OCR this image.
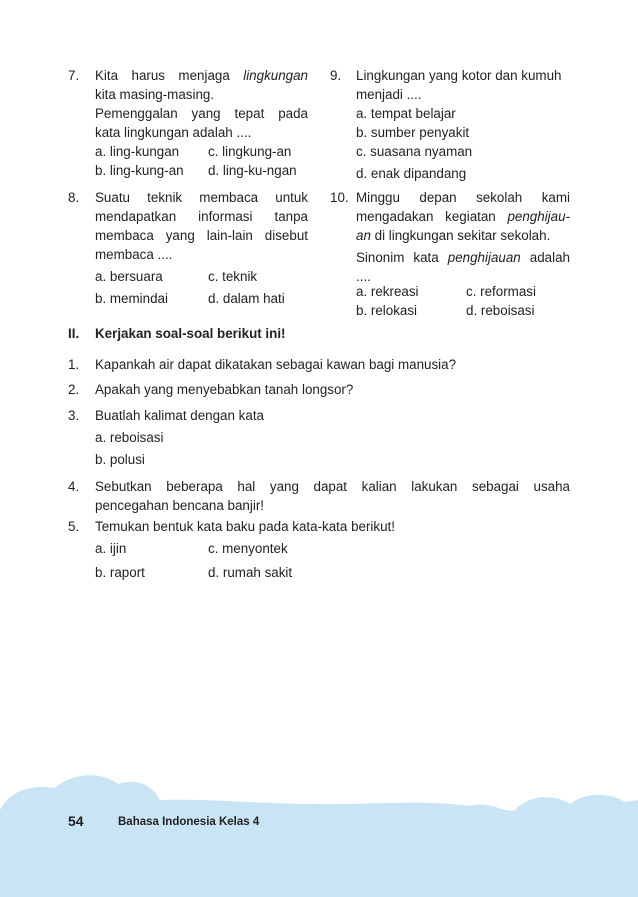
7. Kita harus menjaga lingkungan
kita masing-masing.
Pemenggalan yang tepat pada
kata lingkungan adalah ....
a. ling-kungan c. lingkung-an
b. ling-kung-an d. ling-ku-ngan
8. Suatu teknik membaca untuk
mendapatkan informasi tanpa
membaca yang lain-lain disebut
membaca ....
a. bersuara	c. teknik
b. memindai	d. dalam hati
9. Lingkungan yang kotor dan kumuh
menjadi ....
a. tempat belajar
b. sumber penyakit
c. suasana nyaman
d. enak dipandang
10. Minggu depan sekolah kami
mengadakan kegiatan penghijau-
an di lingkungan sekitar sekolah.
Sinonim kata penghijauan adalah
....
a. rekreasi	c. reformasi
b. relokasi	d. reboisasi
II. Kerjakan soal-soal berikut ini!
1. Kapankah air dapat dikatakan sebagai kawan bagi manusia?
2. Apakah yang menyebabkan tanah longsor?
3. Buatlah kalimat dengan kata
a. reboisasi
b. polusi
4. Sebutkan beberapa hal yang dapat kalian lakukan sebagai usaha
pencegahan bencana banjir!
5. Temukan bentuk kata baku pada kata-kata berikut!
a. ijin	c. menyontek
b. raport	d. rumah sakit
54	Bahasa Indonesia Kelas 4
